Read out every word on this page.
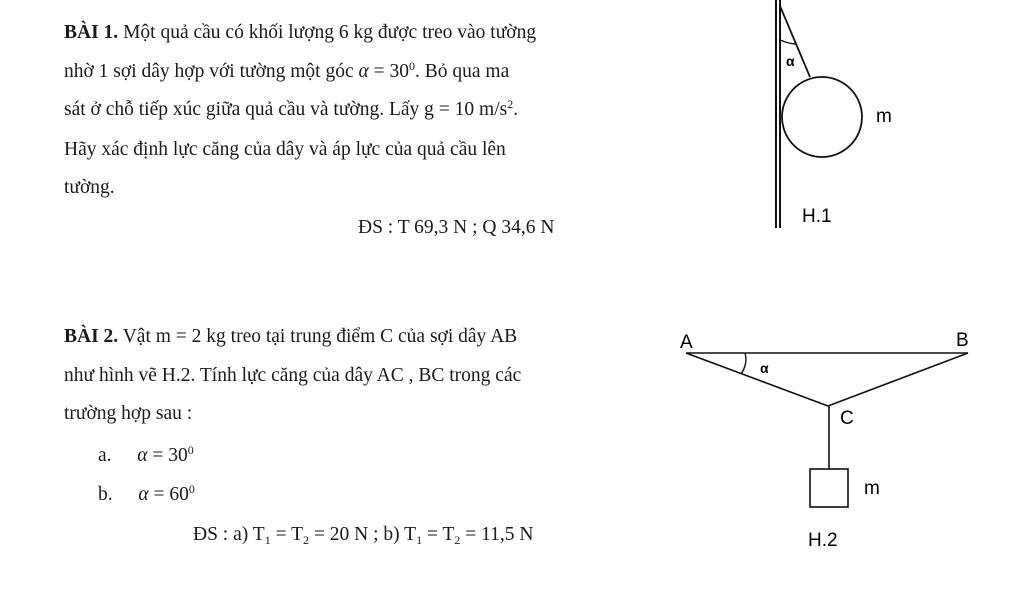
BÀI 1. Một quả cầu có khối lượng 6 kg được treo vào tường
nhờ 1 sợi dây hợp với tường một góc $\alpha = 30^0$. Bỏ qua ma
sát ở chỗ tiếp xúc giữa quả cầu và tường. Lấy g = 10 $m/s^2$.
Hãy xác định lực căng của dây và áp lực của quả cầu lên
tường.
ĐS : T 69,3 N ; Q 34,6 N
α
m
H.1
BÀI 2. Vật m = 2 kg treo tại trung điểm C của sợi dây AB
như hình vẽ H.2. Tính lực căng của dây AC , BC trong các
trường hợp sau :
a. $\alpha = 30^0$
b. $\alpha = 60^0$
ĐS : a) $T_1 = T_2 = 20$ N ; b) $T_1 = T_2 = 11,5$ N
A	B
α
C
m
H.2
